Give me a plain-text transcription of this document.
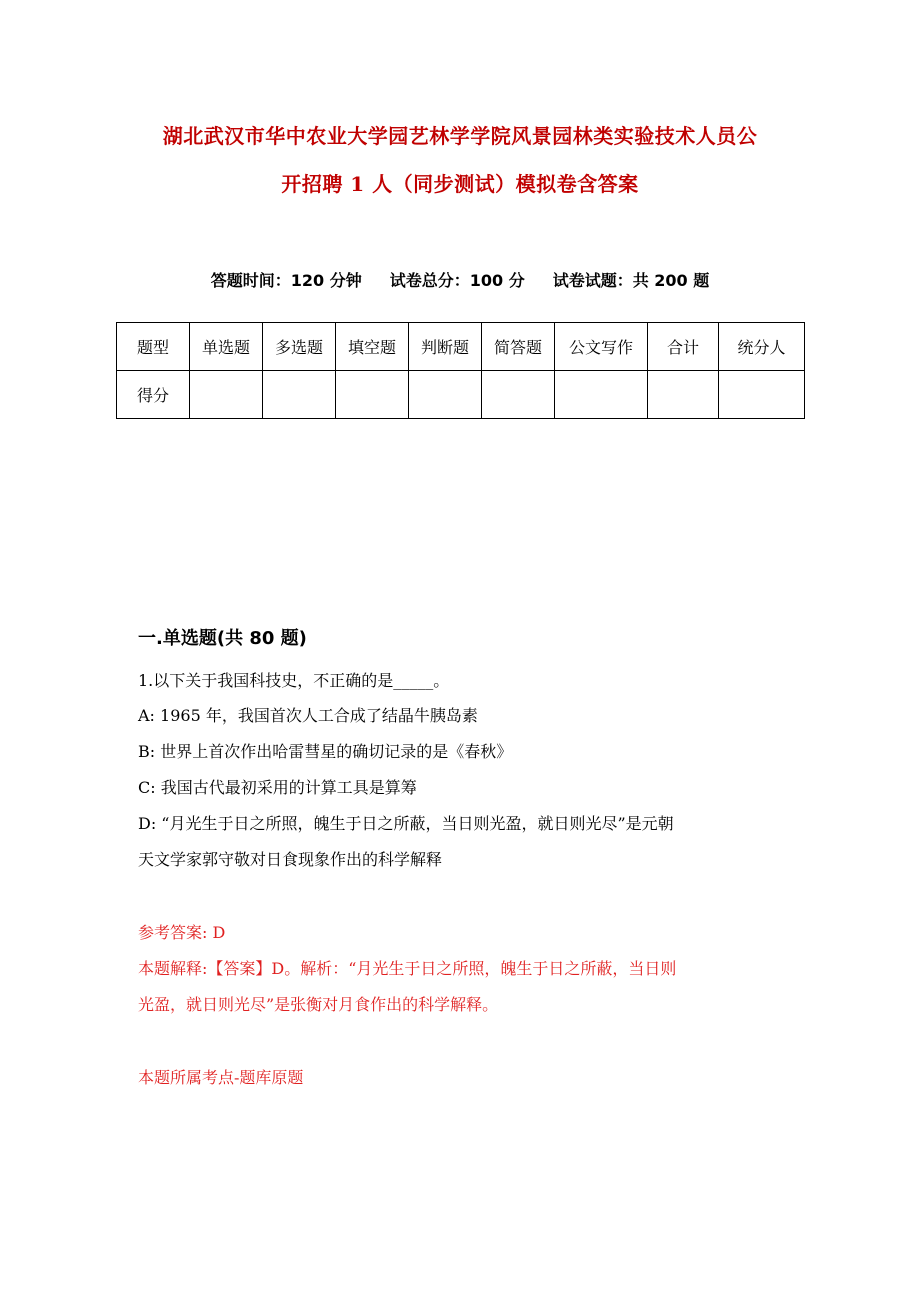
湖北武汉市华中农业大学园艺林学学院风景园林类实验技术人员公
开招聘 1 人（同步测试）模拟卷含答案
答题时间：120 分钟 试卷总分：100 分 试卷试题：共 200 题
题型	单选题	多选题	填空题	判断题	简答题	公文写作	合计	统分人
得分								
一.单选题(共 80 题)
1.以下关于我国科技史，不正确的是_____。
A: 1965 年，我国首次人工合成了结晶牛胰岛素
B: 世界上首次作出哈雷彗星的确切记录的是《春秋》
C: 我国古代最初采用的计算工具是算筹
D: “月光生于日之所照，魄生于日之所蔽，当日则光盈，就日则光尽”是元朝
天文学家郭守敬对日食现象作出的科学解释
参考答案: D
本题解释:【答案】D。解析：“月光生于日之所照，魄生于日之所蔽，当日则
光盈，就日则光尽”是张衡对月食作出的科学解释。
本题所属考点-题库原题
